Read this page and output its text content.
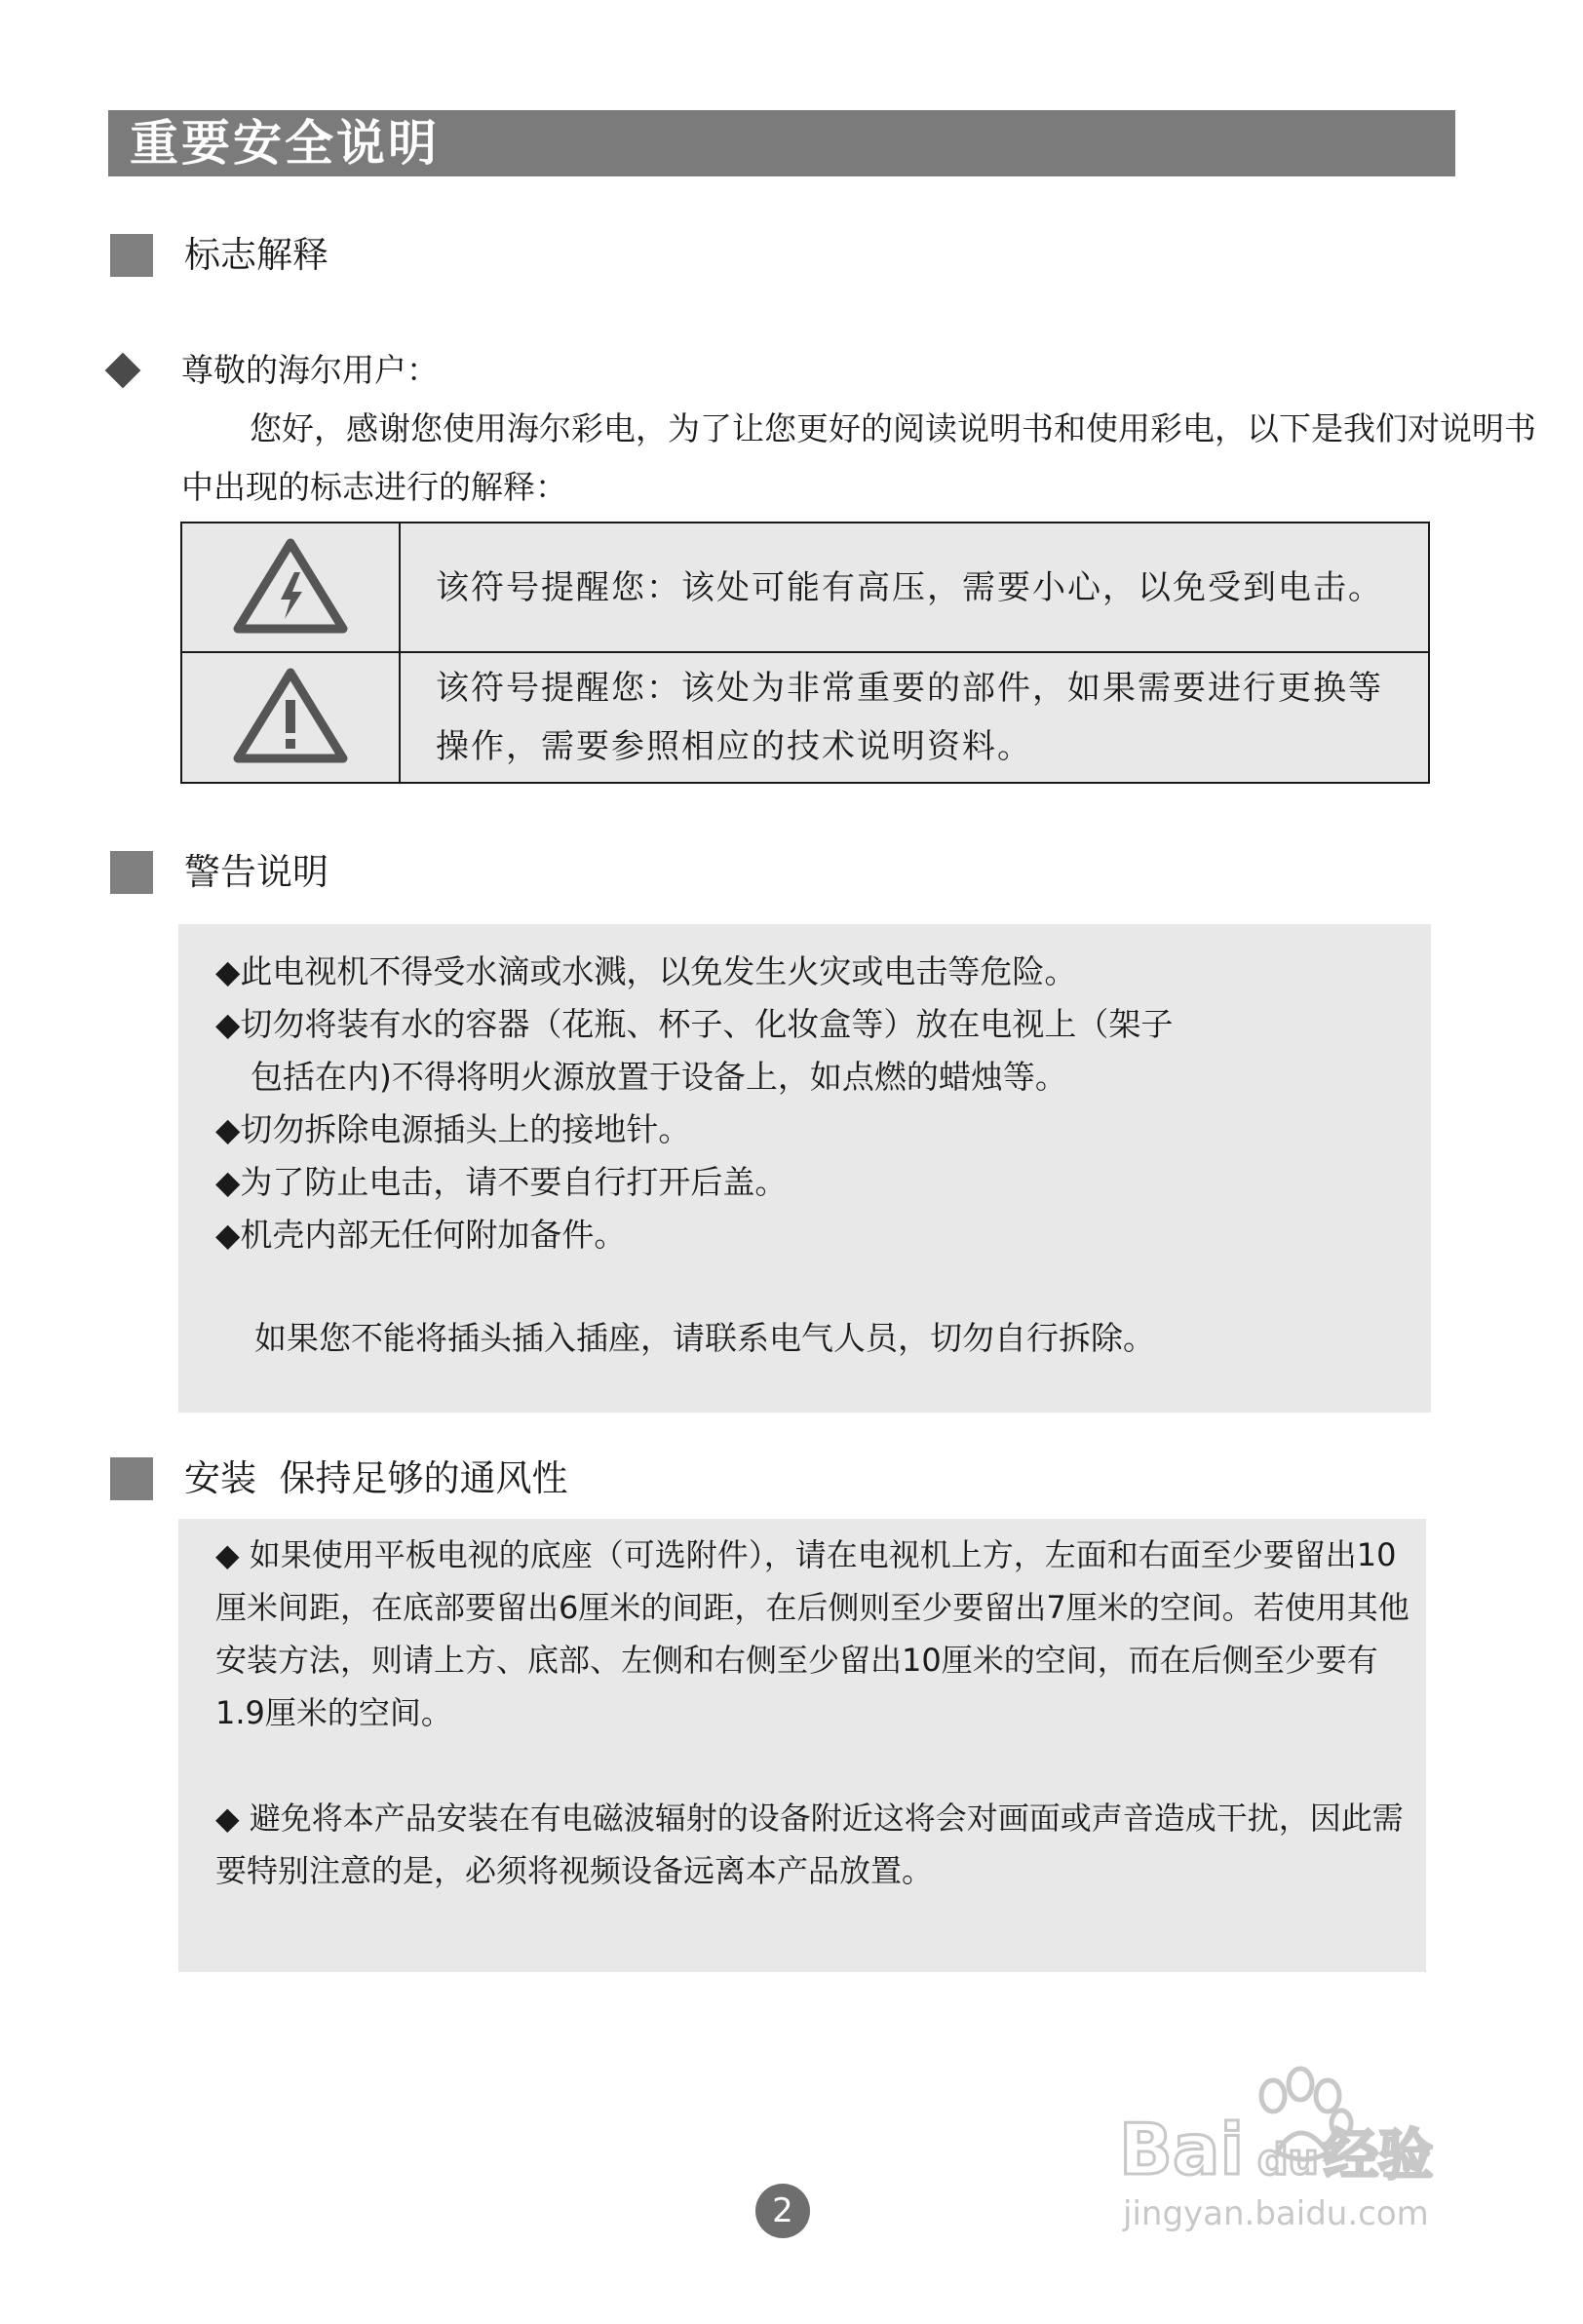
重要安全说明
标志解释
尊敬的海尔用户：
您好，感谢您使用海尔彩电，为了让您更好的阅读说明书和使用彩电，以下是我们对说明书中出现的标志进行的解释：
	该符号提醒您：该处可能有高压，需要小心，以免受到电击。
	该符号提醒您：该处为非常重要的部件，如果需要进行更换等操作，需要参照相应的技术说明资料。
警告说明
◆此电视机不得受水滴或水溅，以免发生火灾或电击等危险。
◆切勿将装有水的容器（花瓶、杯子、化妆盒等）放在电视上（架子
包括在内)不得将明火源放置于设备上，如点燃的蜡烛等。
◆切勿拆除电源插头上的接地针。
◆为了防止电击，请不要自行打开后盖。
◆机壳内部无任何附加备件。
如果您不能将插头插入插座，请联系电气人员，切勿自行拆除。
安装  保持足够的通风性
◆ 如果使用平板电视的底座（可选附件），请在电视机上方，左面和右面至少要留出10厘米间距，在底部要留出6厘米的间距，在后侧则至少要留出7厘米的空间。若使用其他安装方法，则请上方、底部、左侧和右侧至少留出10厘米的空间，而在后侧至少要有1.9厘米的空间。
◆ 避免将本产品安装在有电磁波辐射的设备附近这将会对画面或声音造成干扰，因此需要特别注意的是，必须将视频设备远离本产品放置。
Bai du 经验
jingyan.baidu.com
2
